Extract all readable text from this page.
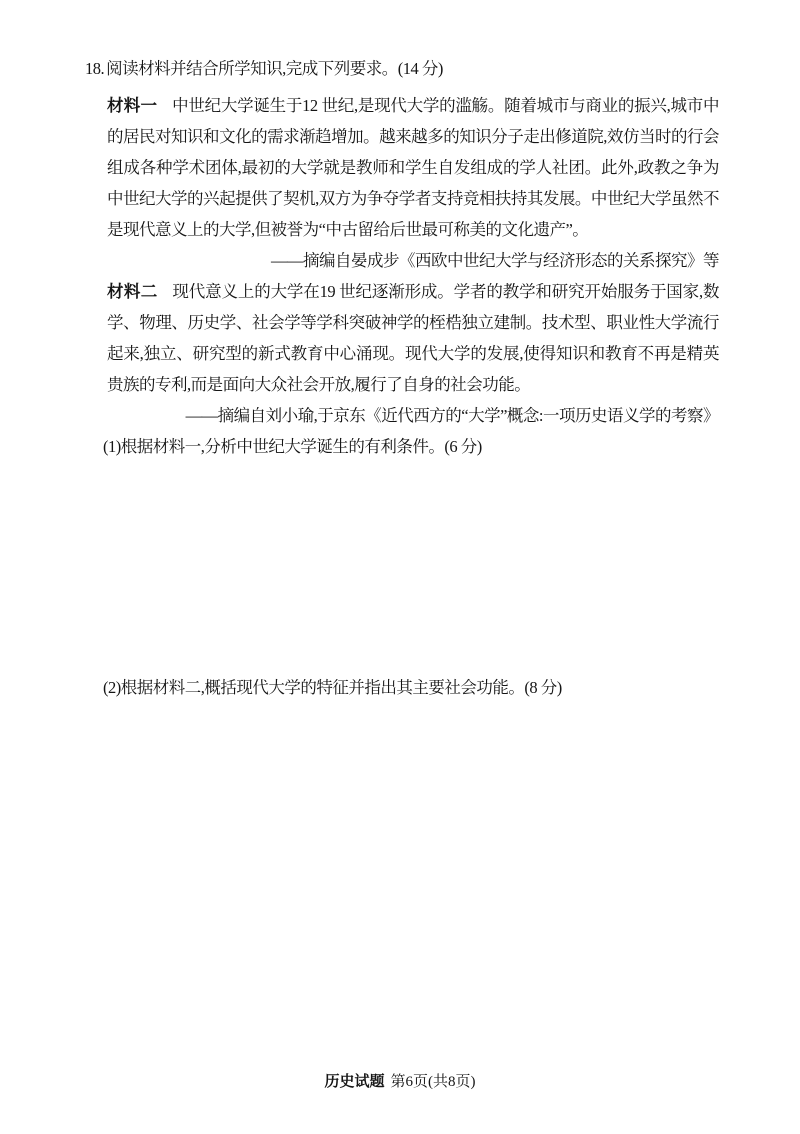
18. 阅读材料并结合所学知识,完成下列要求。(14 分)

材料一 中世纪大学诞生于12 世纪,是现代大学的滥觞。随着城市与商业的振兴,城市中的居民对知识和文化的需求渐趋增加。越来越多的知识分子走出修道院,效仿当时的行会组成各种学术团体,最初的大学就是教师和学生自发组成的学人社团。此外,政教之争为中世纪大学的兴起提供了契机,双方为争夺学者支持竞相扶持其发展。中世纪大学虽然不是现代意义上的大学,但被誉为“中古留给后世最可称美的文化遗产”。

——摘编自晏成步《西欧中世纪大学与经济形态的关系探究》等

材料二 现代意义上的大学在19 世纪逐渐形成。学者的教学和研究开始服务于国家,数学、物理、历史学、社会学等学科突破神学的桎梏独立建制。技术型、职业性大学流行起来,独立、研究型的新式教育中心涌现。现代大学的发展,使得知识和教育不再是精英贵族的专利,而是面向大众社会开放,履行了自身的社会功能。

——摘编自刘小瑜,于京东《近代西方的“大学”概念:一项历史语义学的考察》
(1)根据材料一,分析中世纪大学诞生的有利条件。(6 分)
(2)根据材料二,概括现代大学的特征并指出其主要社会功能。(8 分)
历史试题 第6页(共8页)
